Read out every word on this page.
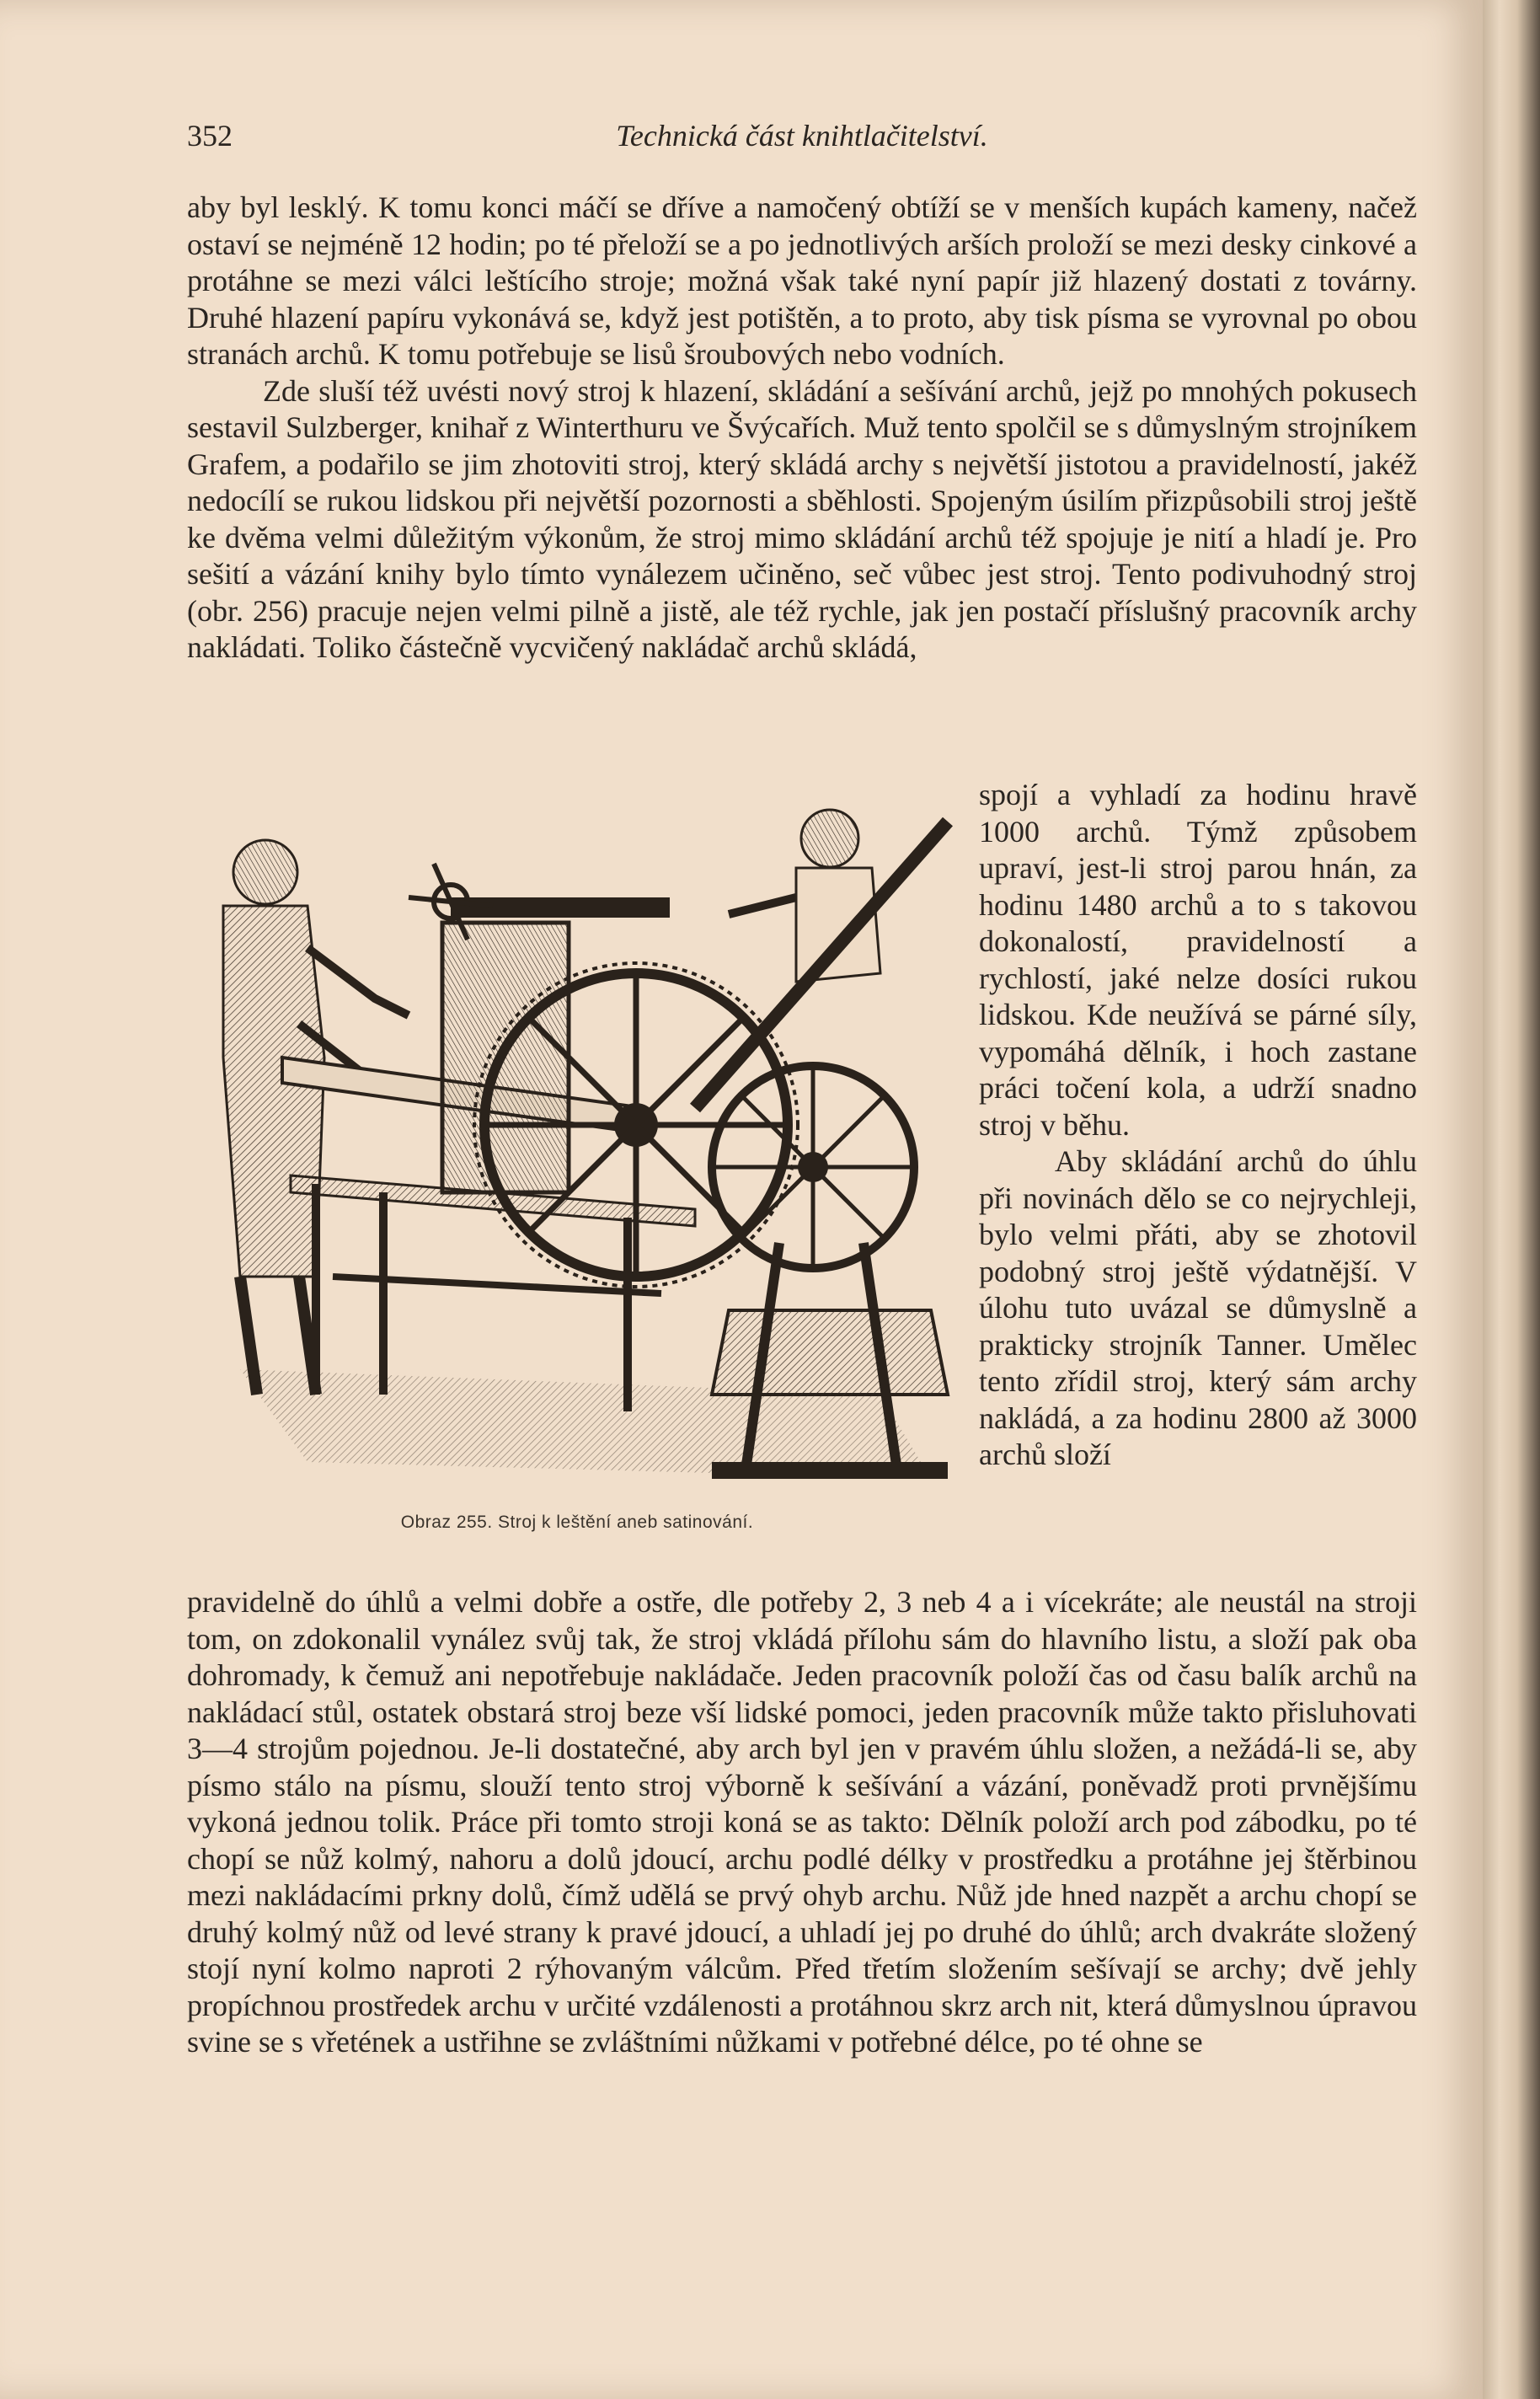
352	Technická část knihtlačitelství.

aby byl lesklý. K tomu konci máčí se dříve a namočený obtíží se v menších kupách kameny, načež ostaví se nejméně 12 hodin; po té přeloží se a po jednotlivých arších proloží se mezi desky cinkové a protáhne se mezi válci leštícího stroje; možná však také nyní papír již hlazený dostati z továrny. Druhé hlazení papíru vykonává se, když jest potištěn, a to proto, aby tisk písma se vyrovnal po obou stranách archů. K tomu potřebuje se lisů šroubových nebo vodních.

Zde sluší též uvésti nový stroj k hlazení, skládání a sešívání archů, jejž po mnohých pokusech sestavil Sulzberger, knihař z Winterthuru ve Švýcařích. Muž tento spolčil se s důmyslným strojníkem Grafem, a podařilo se jim zhotoviti stroj, který skládá archy s největší jistotou a pravidelností, jakéž nedocílí se rukou lidskou při největší pozornosti a sběhlosti. Spojeným úsilím přizpůsobili stroj ještě ke dvěma velmi důležitým výkonům, že stroj mimo skládání archů též spojuje je nití a hladí je. Pro sešití a vázání knihy bylo tímto vynálezem učiněno, seč vůbec jest stroj. Tento podivuhodný stroj (obr. 256) pracuje nejen velmi pilně a jistě, ale též rychle, jak jen postačí příslušný pracovník archy nakládati. Toliko částečně vycvičený nakládač archů skládá,

Obraz 255. Stroj k leštění aneb satinování.

spojí a vyhladí za hodinu hravě 1000 archů. Týmž způsobem upraví, jest-li stroj parou hnán, za hodinu 1480 archů a to s takovou dokonalostí, pravidelností a rychlostí, jaké nelze dosíci rukou lidskou. Kde neužívá se párné síly, vypomáhá dělník, i hoch zastane práci točení kola, a udrží snadno stroj v běhu.

Aby skládání archů do úhlu při novinách dělo se co nejrychleji, bylo velmi přáti, aby se zhotovil podobný stroj ještě výdatnější. V úlohu tuto uvázal se důmyslně a prakticky strojník Tanner. Umělec tento zřídil stroj, který sám archy nakládá, a za hodinu 2800 až 3000 archů složí

pravidelně do úhlů a velmi dobře a ostře, dle potřeby 2, 3 neb 4 a i vícekráte; ale neustál na stroji tom, on zdokonalil vynález svůj tak, že stroj vkládá přílohu sám do hlavního listu, a složí pak oba dohromady, k čemuž ani nepotřebuje nakládače. Jeden pracovník položí čas od času balík archů na nakládací stůl, ostatek obstará stroj beze vší lidské pomoci, jeden pracovník může takto přisluhovati 3—4 strojům pojednou. Je-li dostatečné, aby arch byl jen v pravém úhlu složen, a nežádá-li se, aby písmo stálo na písmu, slouží tento stroj výborně k sešívání a vázání, poněvadž proti prvnějšímu vykoná jednou tolik. Práce při tomto stroji koná se as takto: Dělník položí arch pod zábodku, po té chopí se nůž kolmý, nahoru a dolů jdoucí, archu podlé délky v prostředku a protáhne jej štěrbinou mezi nakládacími prkny dolů, čímž udělá se prvý ohyb archu. Nůž jde hned nazpět a archu chopí se druhý kolmý nůž od levé strany k pravé jdoucí, a uhladí jej po druhé do úhlů; arch dvakráte složený stojí nyní kolmo naproti 2 rýhovaným válcům. Před třetím složením sešívají se archy; dvě jehly propíchnou prostředek archu v určité vzdálenosti a protáhnou skrz arch nit, která důmyslnou úpravou svine se s vřetének a ustřihne se zvláštními nůžkami v potřebné délce, po té ohne se
